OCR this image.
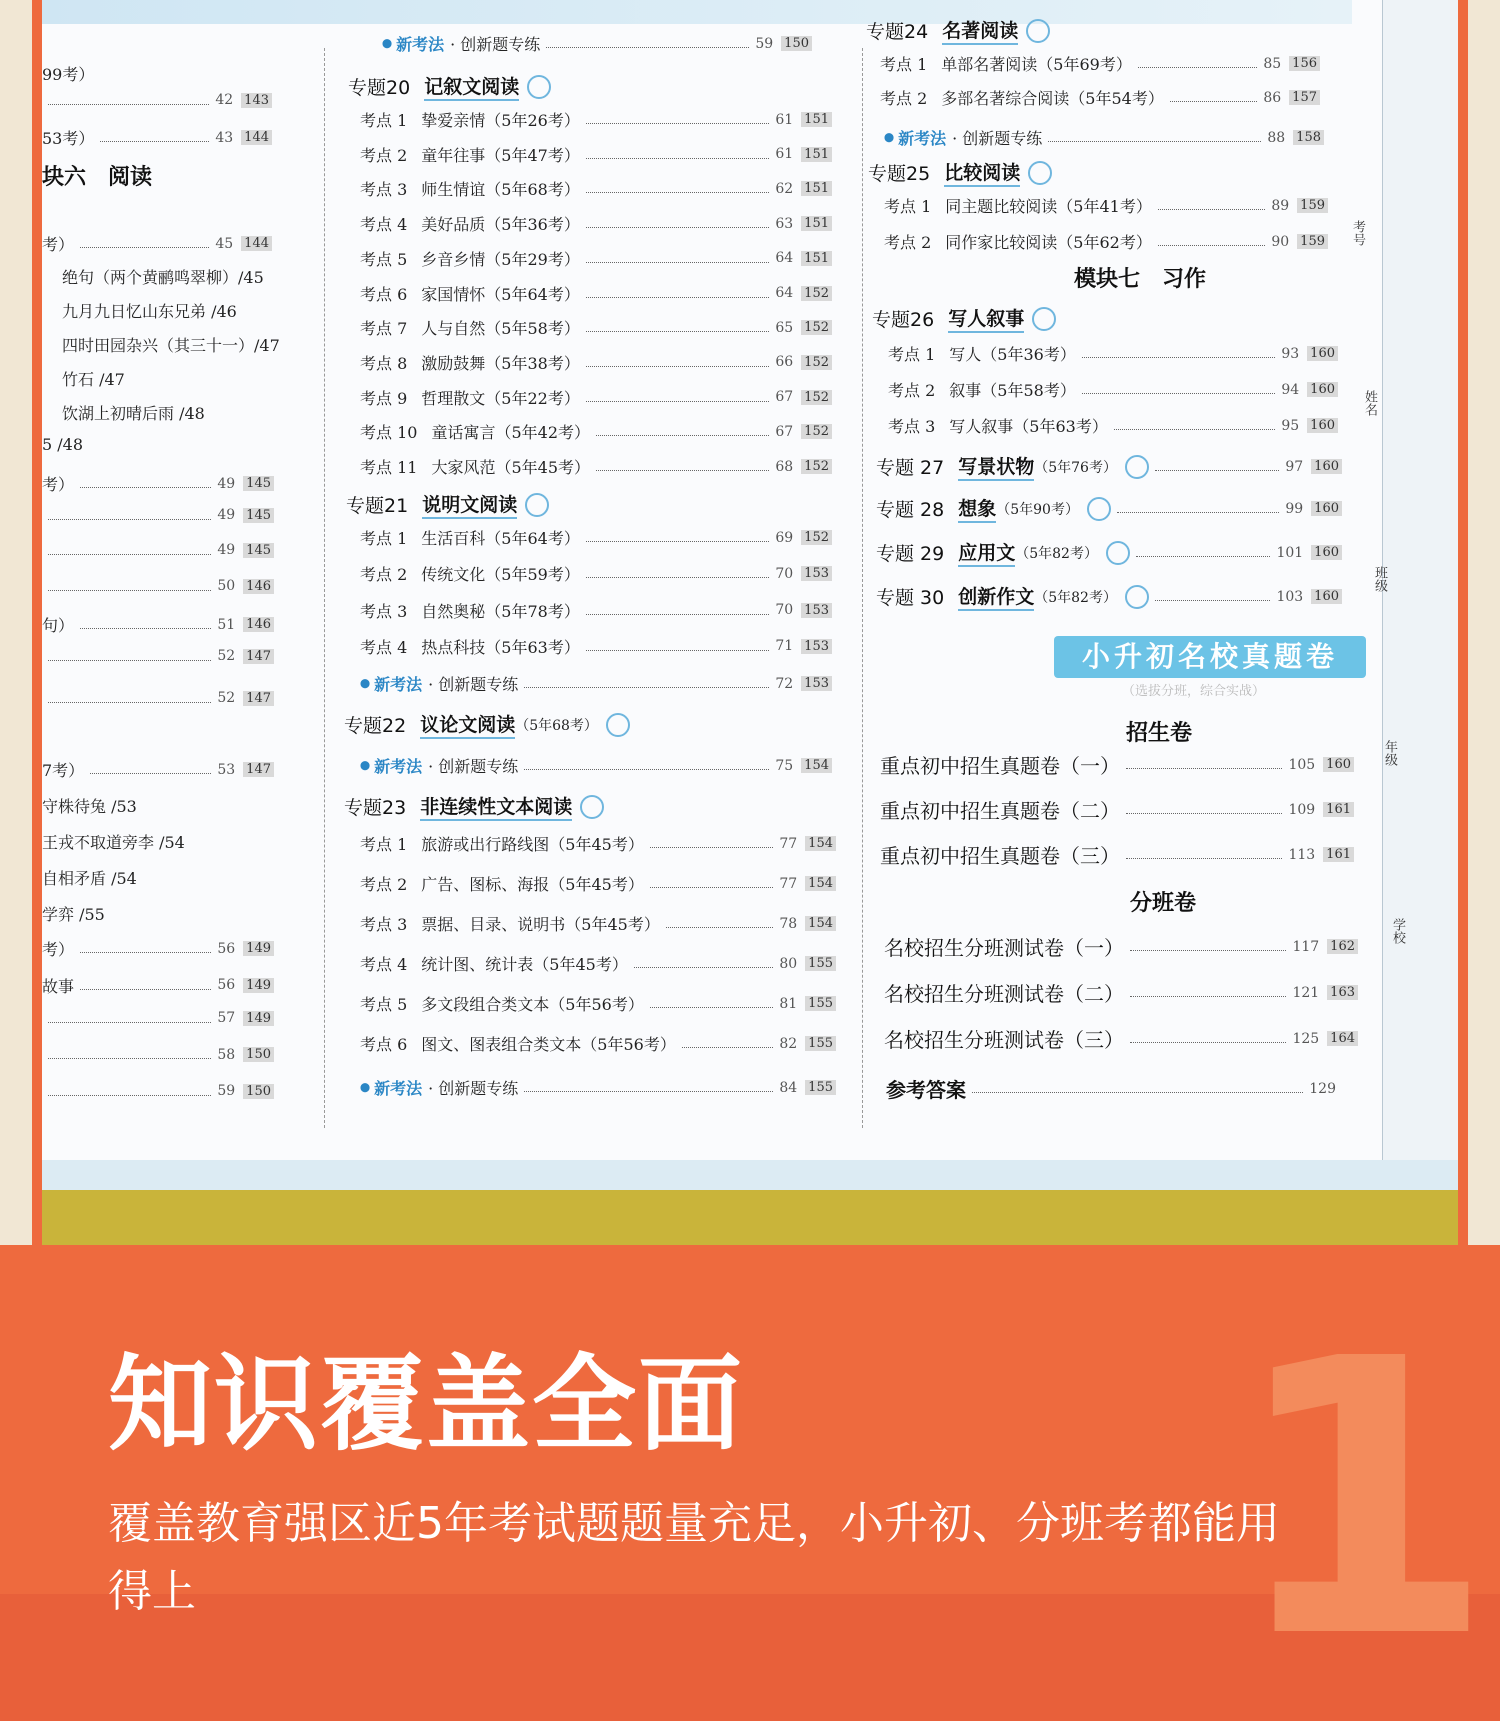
99考）
42 143
53考）	43 144
块六　阅读
考）	45 144
绝句（两个黄鹂鸣翠柳）/45
九月九日忆山东兄弟 /46
四时田园杂兴（其三十一）/47
竹石 /47
饮湖上初晴后雨 /48
5 /48
考）	49 145
49 145
49 145
50 146
句）	51 146
52 147
52 147
7考）	53 147
守株待兔 /53
王戎不取道旁李 /54
自相矛盾 /54
学弈 /55
考）	56 149
故事	56 149
57 149
58 150
59 150
⬤ 新考法 · 创新题专练	59 150
专题20 记叙文阅读
考点 1 挚爱亲情（5年26考）	61 151
考点 2 童年往事（5年47考）	61 151
考点 3 师生情谊（5年68考）	62 151
考点 4 美好品质（5年36考）	63 151
考点 5 乡音乡情（5年29考）	64 151
考点 6 家国情怀（5年64考）	64 152
考点 7 人与自然（5年58考）	65 152
考点 8 激励鼓舞（5年38考）	66 152
考点 9 哲理散文（5年22考）	67 152
考点 10 童话寓言（5年42考）	67 152
考点 11 大家风范（5年45考）	68 152
专题21 说明文阅读
考点 1 生活百科（5年64考）	69 152
考点 2 传统文化（5年59考）	70 153
考点 3 自然奥秘（5年78考）	70 153
考点 4 热点科技（5年63考）	71 153
⬤ 新考法 · 创新题专练	72 153
专题22 议论文阅读 （5年68考）
⬤ 新考法 · 创新题专练	75 154
专题23 非连续性文本阅读
考点 1 旅游或出行路线图（5年45考）	77 154
考点 2 广告、图标、海报（5年45考）	77 154
考点 3 票据、目录、说明书（5年45考）	78 154
考点 4 统计图、统计表（5年45考）	80 155
考点 5 多文段组合类文本（5年56考）	81 155
考点 6 图文、图表组合类文本（5年56考）	82 155
⬤ 新考法 · 创新题专练	84 155
专题24 名著阅读
考点 1 单部名著阅读（5年69考）	85 156
考点 2 多部名著综合阅读（5年54考）	86 157
⬤ 新考法 · 创新题专练	88 158
专题25 比较阅读
考点 1 同主题比较阅读（5年41考）	89 159
考点 2 同作家比较阅读（5年62考）	90 159
模块七　习作
专题26 写人叙事
考点 1 写人（5年36考）	93 160
考点 2 叙事（5年58考）	94 160
考点 3 写人叙事（5年63考）	95 160
专题 27 写景状物 （5年76考）	97 160
专题 28 想象 （5年90考）	99 160
专题 29 应用文 （5年82考）	101 160
专题 30 创新作文 （5年82考）	103 160
招生卷
重点初中招生真题卷（一）	105 160
重点初中招生真题卷（二）	109 161
重点初中招生真题卷（三）	113 161
分班卷
名校招生分班测试卷（一）	117 162
名校招生分班测试卷（二）	121 163
名校招生分班测试卷（三）	125 164
参考答案	129
小升初名校真题卷
（选拔分班，综合实战）
考号
姓名
班级
年级
学校
1
知识覆盖全面
覆盖教育强区近5年考试题题量充足，小升初、分班考都能用得上
